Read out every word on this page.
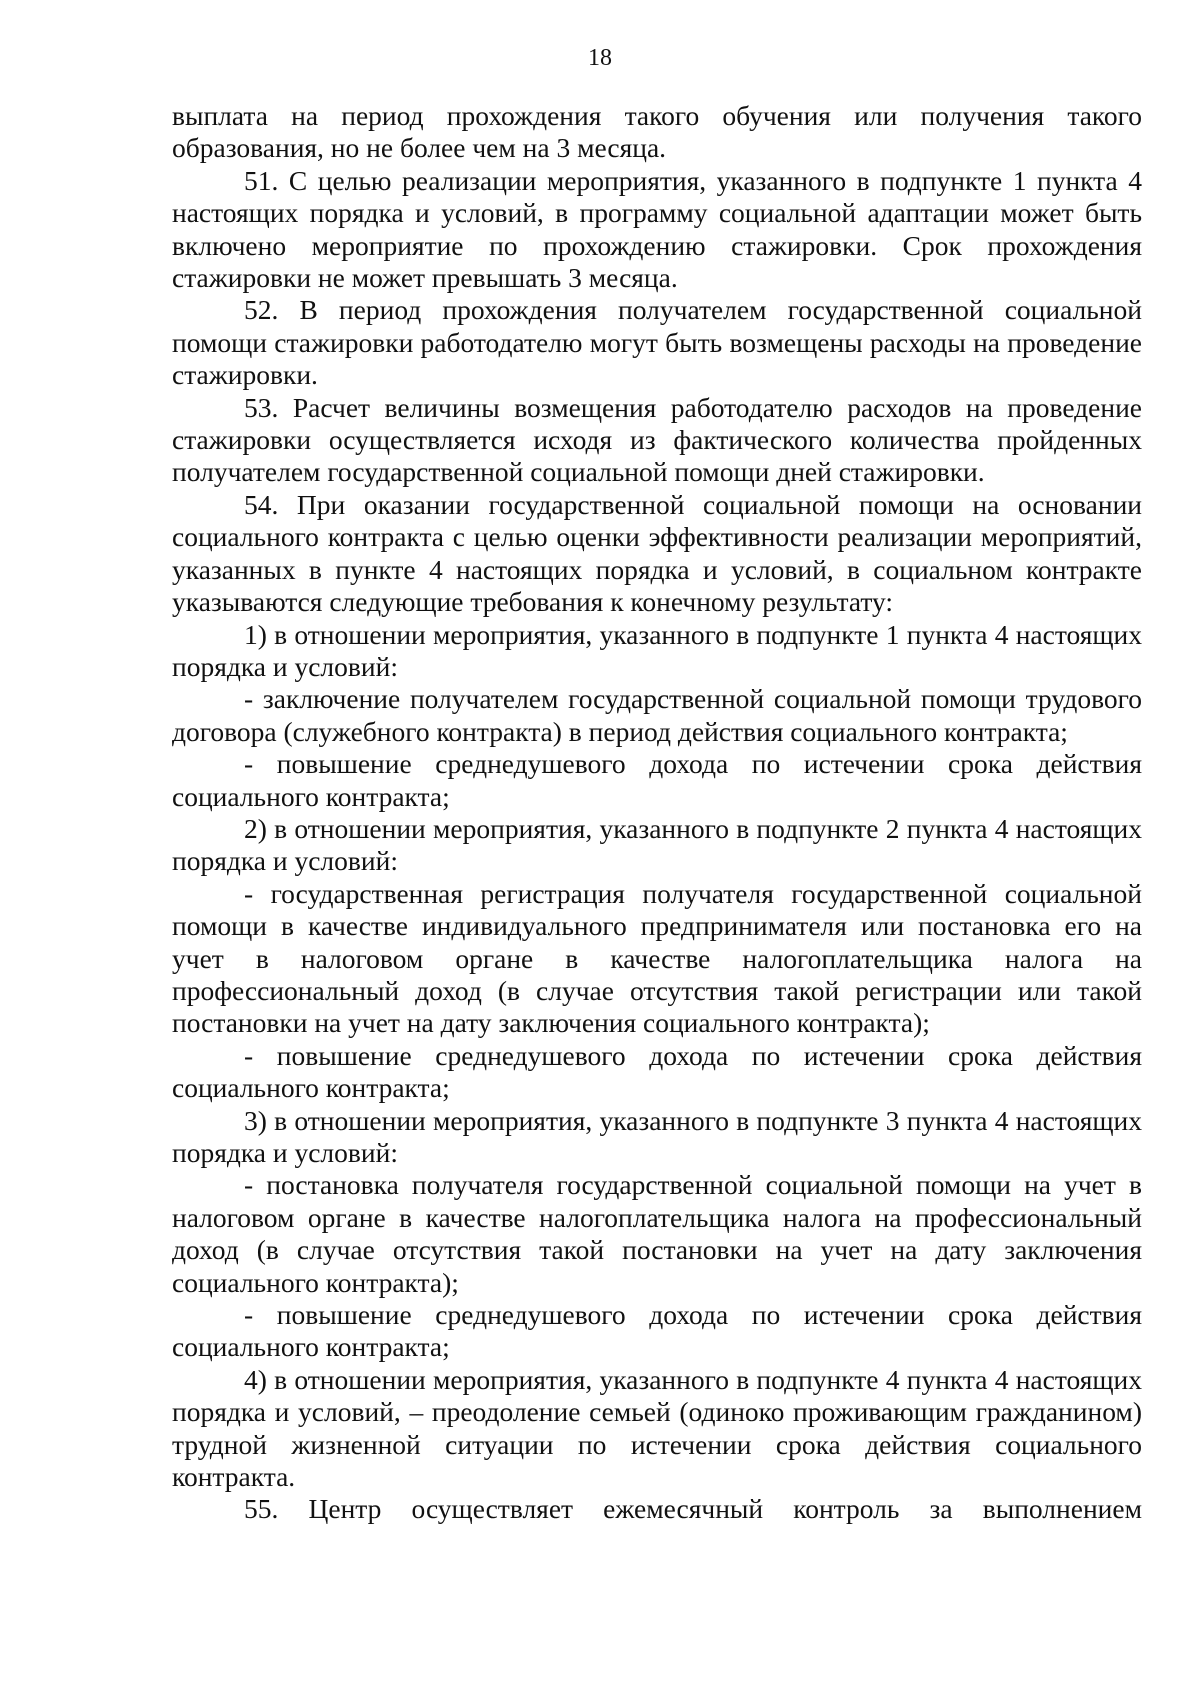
18

выплата на период прохождения такого обучения или получения такого образования, но не более чем на 3 месяца.

51. С целью реализации мероприятия, указанного в подпункте 1 пункта 4 настоящих порядка и условий, в программу социальной адаптации может быть включено мероприятие по прохождению стажировки. Срок прохождения стажировки не может превышать 3 месяца.

52. В период прохождения получателем государственной социальной помощи стажировки работодателю могут быть возмещены расходы на проведение стажировки.

53. Расчет величины возмещения работодателю расходов на проведение стажировки осуществляется исходя из фактического количества пройденных получателем государственной социальной помощи дней стажировки.

54. При оказании государственной социальной помощи на основании социального контракта с целью оценки эффективности реализации мероприятий, указанных в пункте 4 настоящих порядка и условий, в социальном контракте указываются следующие требования к конечному результату:

1) в отношении мероприятия, указанного в подпункте 1 пункта 4 настоящих порядка и условий:

- заключение получателем государственной социальной помощи трудового договора (служебного контракта) в период действия социального контракта;

- повышение среднедушевого дохода по истечении срока действия социального контракта;

2) в отношении мероприятия, указанного в подпункте 2 пункта 4 настоящих порядка и условий:

- государственная регистрация получателя государственной социальной помощи в качестве индивидуального предпринимателя или постановка его на учет в налоговом органе в качестве налогоплательщика налога на профессиональный доход (в случае отсутствия такой регистрации или такой постановки на учет на дату заключения социального контракта);

- повышение среднедушевого дохода по истечении срока действия социального контракта;

3) в отношении мероприятия, указанного в подпункте 3 пункта 4 настоящих порядка и условий:

- постановка получателя государственной социальной помощи на учет в налоговом органе в качестве налогоплательщика налога на профессиональный доход (в случае отсутствия такой постановки на учет на дату заключения социального контракта);

- повышение среднедушевого дохода по истечении срока действия социального контракта;

4) в отношении мероприятия, указанного в подпункте 4 пункта 4 настоящих порядка и условий, – преодоление семьей (одиноко проживающим гражданином) трудной жизненной ситуации по истечении срока действия социального контракта.

55. Центр осуществляет ежемесячный контроль за выполнением
